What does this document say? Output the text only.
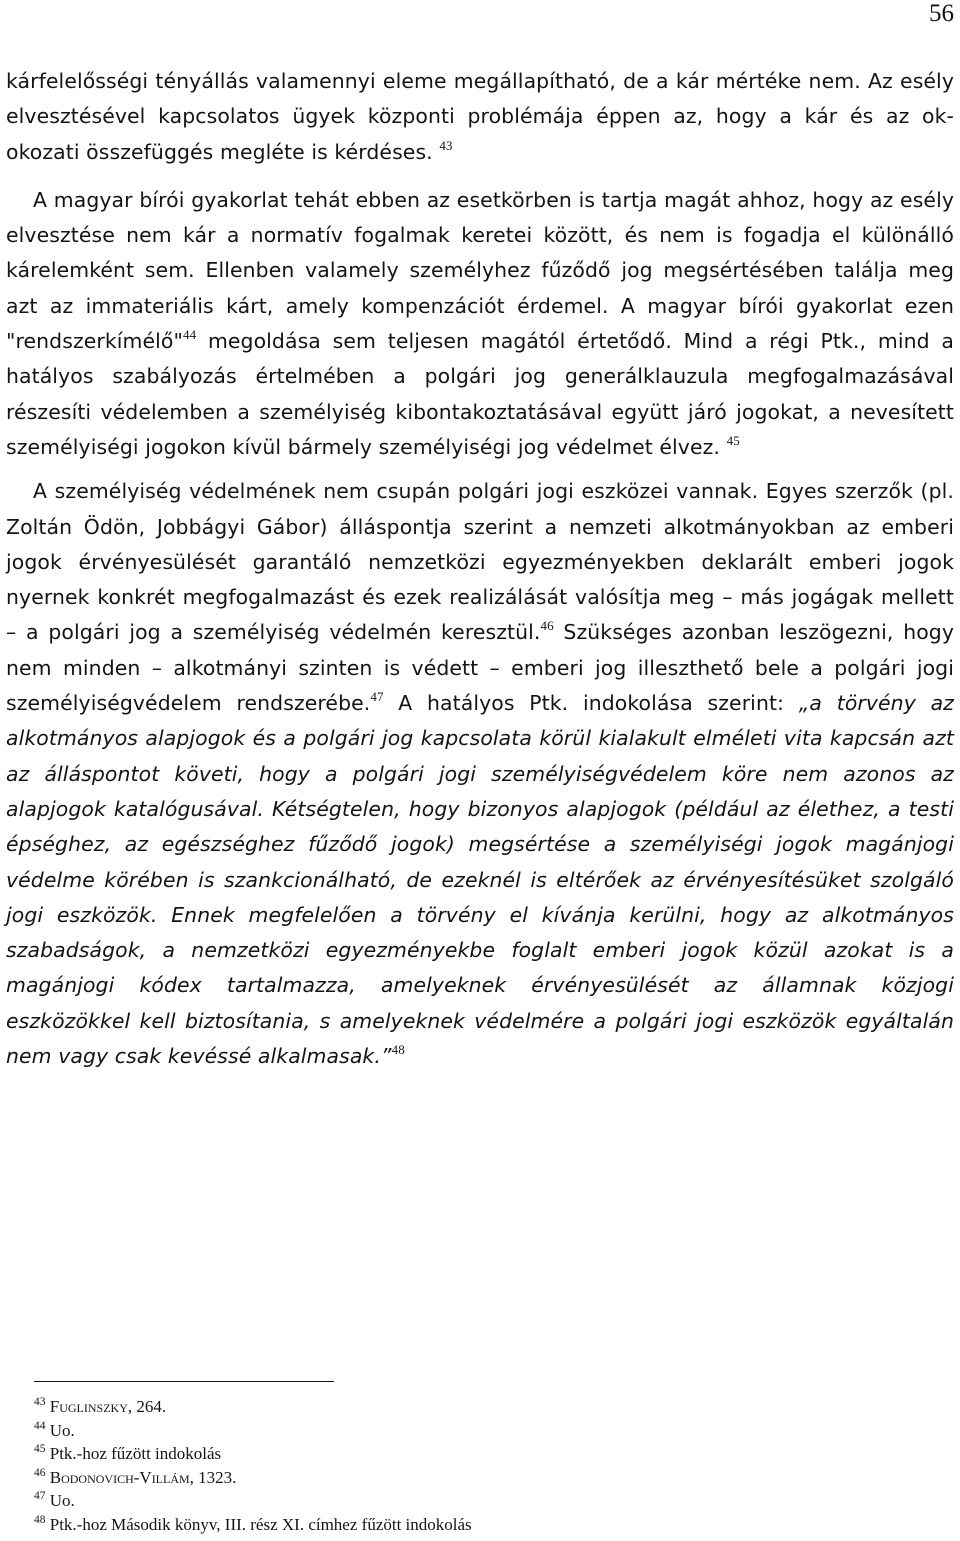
56

kárfelelősségi tényállás valamennyi eleme megállapítható, de a kár mértéke nem. Az esély elvesztésével kapcsolatos ügyek központi problémája éppen az, hogy a kár és az ok-okozati összefüggés megléte is kérdéses. $^{43}$

A magyar bírói gyakorlat tehát ebben az esetkörben is tartja magát ahhoz, hogy az esély elvesztése nem kár a normatív fogalmak keretei között, és nem is fogadja el különálló kárelemként sem. Ellenben valamely személyhez fűződő jog megsértésében találja meg azt az immateriális kárt, amely kompenzációt érdemel. A magyar bírói gyakorlat ezen "rendszerkímélő"$^{44}$ megoldása sem teljesen magától értetődő. Mind a régi Ptk., mind a hatályos szabályozás értelmében a polgári jog generálklauzula megfogalmazásával részesíti védelemben a személyiség kibontakoztatásával együtt járó jogokat, a nevesített személyiségi jogokon kívül bármely személyiségi jog védelmet élvez. $^{45}$

A személyiség védelmének nem csupán polgári jogi eszközei vannak. Egyes szerzők (pl. Zoltán Ödön, Jobbágyi Gábor) álláspontja szerint a nemzeti alkotmányokban az emberi jogok érvényesülését garantáló nemzetközi egyezményekben deklarált emberi jogok nyernek konkrét megfogalmazást és ezek realizálását valósítja meg – más jogágak mellett – a polgári jog a személyiség védelmén keresztül.$^{46}$ Szükséges azonban leszögezni, hogy nem minden – alkotmányi szinten is védett – emberi jog illeszthető bele a polgári jogi személyiségvédelem rendszerébe.$^{47}$ A hatályos Ptk. indokolása szerint: „a törvény az alkotmányos alapjogok és a polgári jog kapcsolata körül kialakult elméleti vita kapcsán azt az álláspontot követi, hogy a polgári jogi személyiségvédelem köre nem azonos az alapjogok katalógusával. Kétségtelen, hogy bizonyos alapjogok (például az élethez, a testi épséghez, az egészséghez fűződő jogok) megsértése a személyiségi jogok magánjogi védelme körében is szankcionálható, de ezeknél is eltérőek az érvényesítésüket szolgáló jogi eszközök. Ennek megfelelően a törvény el kívánja kerülni, hogy az alkotmányos szabadságok, a nemzetközi egyezményekbe foglalt emberi jogok közül azokat is a magánjogi kódex tartalmazza, amelyeknek érvényesülését az államnak közjogi eszközökkel kell biztosítania, s amelyeknek védelmére a polgári jogi eszközök egyáltalán nem vagy csak kevéssé alkalmasak.”$^{48}$

$^{43}$ Fuglinszky, 264.
$^{44}$ Uo.
$^{45}$ Ptk.-hoz fűzött indokolás
$^{46}$ Bodonovich-Villám, 1323.
$^{47}$ Uo.
$^{48}$ Ptk.-hoz Második könyv, III. rész XI. címhez fűzött indokolás
